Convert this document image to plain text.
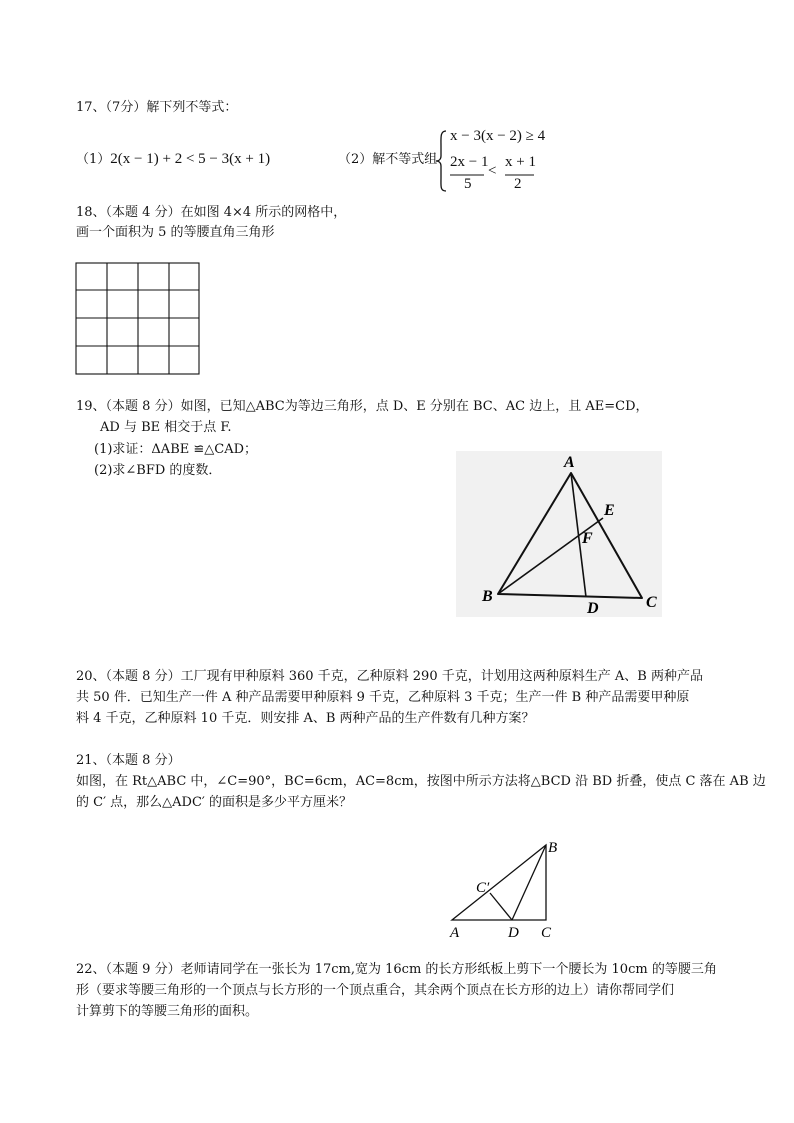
17、（7分）解下列不等式：
（1）2(x − 1) + 2 < 5 − 3(x + 1)	（2）解不等式组
x − 3(x − 2) ≥ 4
2x − 1
5
<
x + 1
2
18、（本题 4 分）在如图 4×4 所示的网格中，
画一个面积为 5 的等腰直角三角形
19、（本题 8 分）如图，已知△ABC为等边三角形，点 D、E 分别在 BC、AC 边上，且 AE=CD，
AD 与 BE 相交于点 F.
(1)求证：ΔABE ≌△CAD；
(2)求∠BFD 的度数．	A
B	C
D
E
F
20、（本题 8 分）工厂现有甲种原料 360 千克，乙种原料 290 千克，计划用这两种原料生产 A、B 两种产品
共 50 件．已知生产一件 A 种产品需要甲种原料 9 千克，乙种原料 3 千克；生产一件 B 种产品需要甲种原
料 4 千克，乙种原料 10 千克．则安排 A、B 两种产品的生产件数有几种方案？
21、（本题 8 分）
如图，在 Rt△ABC 中，∠C=90°，BC=6cm，AC=8cm，按图中所示方法将△BCD 沿 BD 折叠，使点 C 落在 AB 边
的 C′ 点，那么△ADC′ 的面积是多少平方厘米？
A
B
C
D
C′
22、（本题 9 分）老师请同学在一张长为 17cm,宽为 16cm 的长方形纸板上剪下一个腰长为 10cm 的等腰三角
形（要求等腰三角形的一个顶点与长方形的一个顶点重合，其余两个顶点在长方形的边上）请你帮同学们
计算剪下的等腰三角形的面积。
